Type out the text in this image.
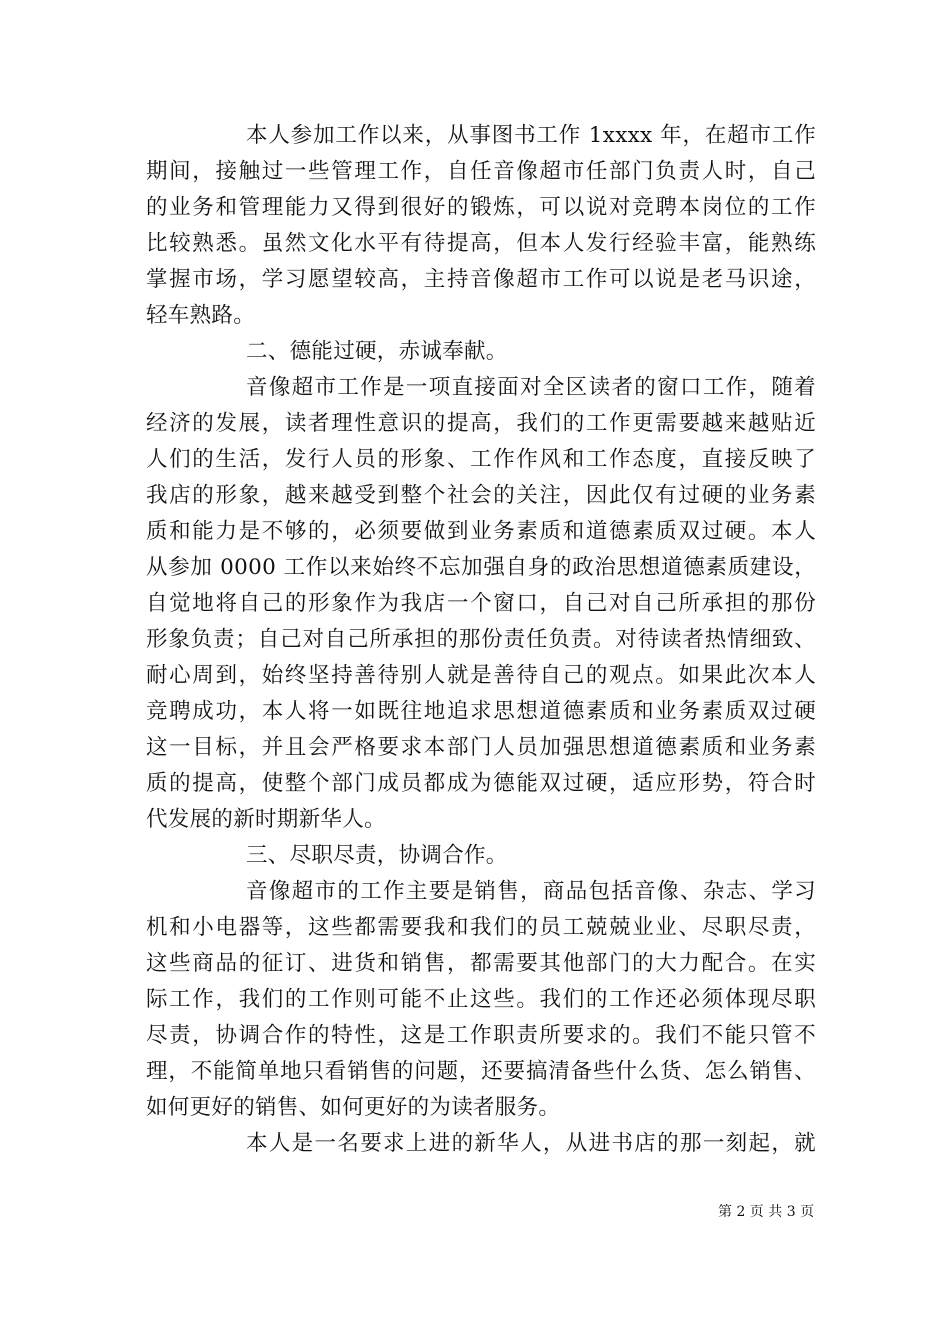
本人参加工作以来，从事图书工作 1xxxx 年，在超市工作
期间，接触过一些管理工作，自任音像超市任部门负责人时，自己
的业务和管理能力又得到很好的锻炼，可以说对竞聘本岗位的工作
比较熟悉。虽然文化水平有待提高，但本人发行经验丰富，能熟练
掌握市场，学习愿望较高，主持音像超市工作可以说是老马识途，
轻车熟路。
二、德能过硬，赤诚奉献。
音像超市工作是一项直接面对全区读者的窗口工作，随着
经济的发展，读者理性意识的提高，我们的工作更需要越来越贴近
人们的生活，发行人员的形象、工作作风和工作态度，直接反映了
我店的形象，越来越受到整个社会的关注，因此仅有过硬的业务素
质和能力是不够的，必须要做到业务素质和道德素质双过硬。本人
从参加 0000 工作以来始终不忘加强自身的政治思想道德素质建设，
自觉地将自己的形象作为我店一个窗口，自己对自己所承担的那份
形象负责；自己对自己所承担的那份责任负责。对待读者热情细致、
耐心周到，始终坚持善待别人就是善待自己的观点。如果此次本人
竞聘成功，本人将一如既往地追求思想道德素质和业务素质双过硬
这一目标，并且会严格要求本部门人员加强思想道德素质和业务素
质的提高，使整个部门成员都成为德能双过硬，适应形势，符合时
代发展的新时期新华人。
三、尽职尽责，协调合作。
音像超市的工作主要是销售，商品包括音像、杂志、学习
机和小电器等，这些都需要我和我们的员工兢兢业业、尽职尽责，
这些商品的征订、进货和销售，都需要其他部门的大力配合。在实
际工作，我们的工作则可能不止这些。我们的工作还必须体现尽职
尽责，协调合作的特性，这是工作职责所要求的。我们不能只管不
理，不能简单地只看销售的问题，还要搞清备些什么货、怎么销售、
如何更好的销售、如何更好的为读者服务。
本人是一名要求上进的新华人，从进书店的那一刻起，就
第 2 页 共 3 页
